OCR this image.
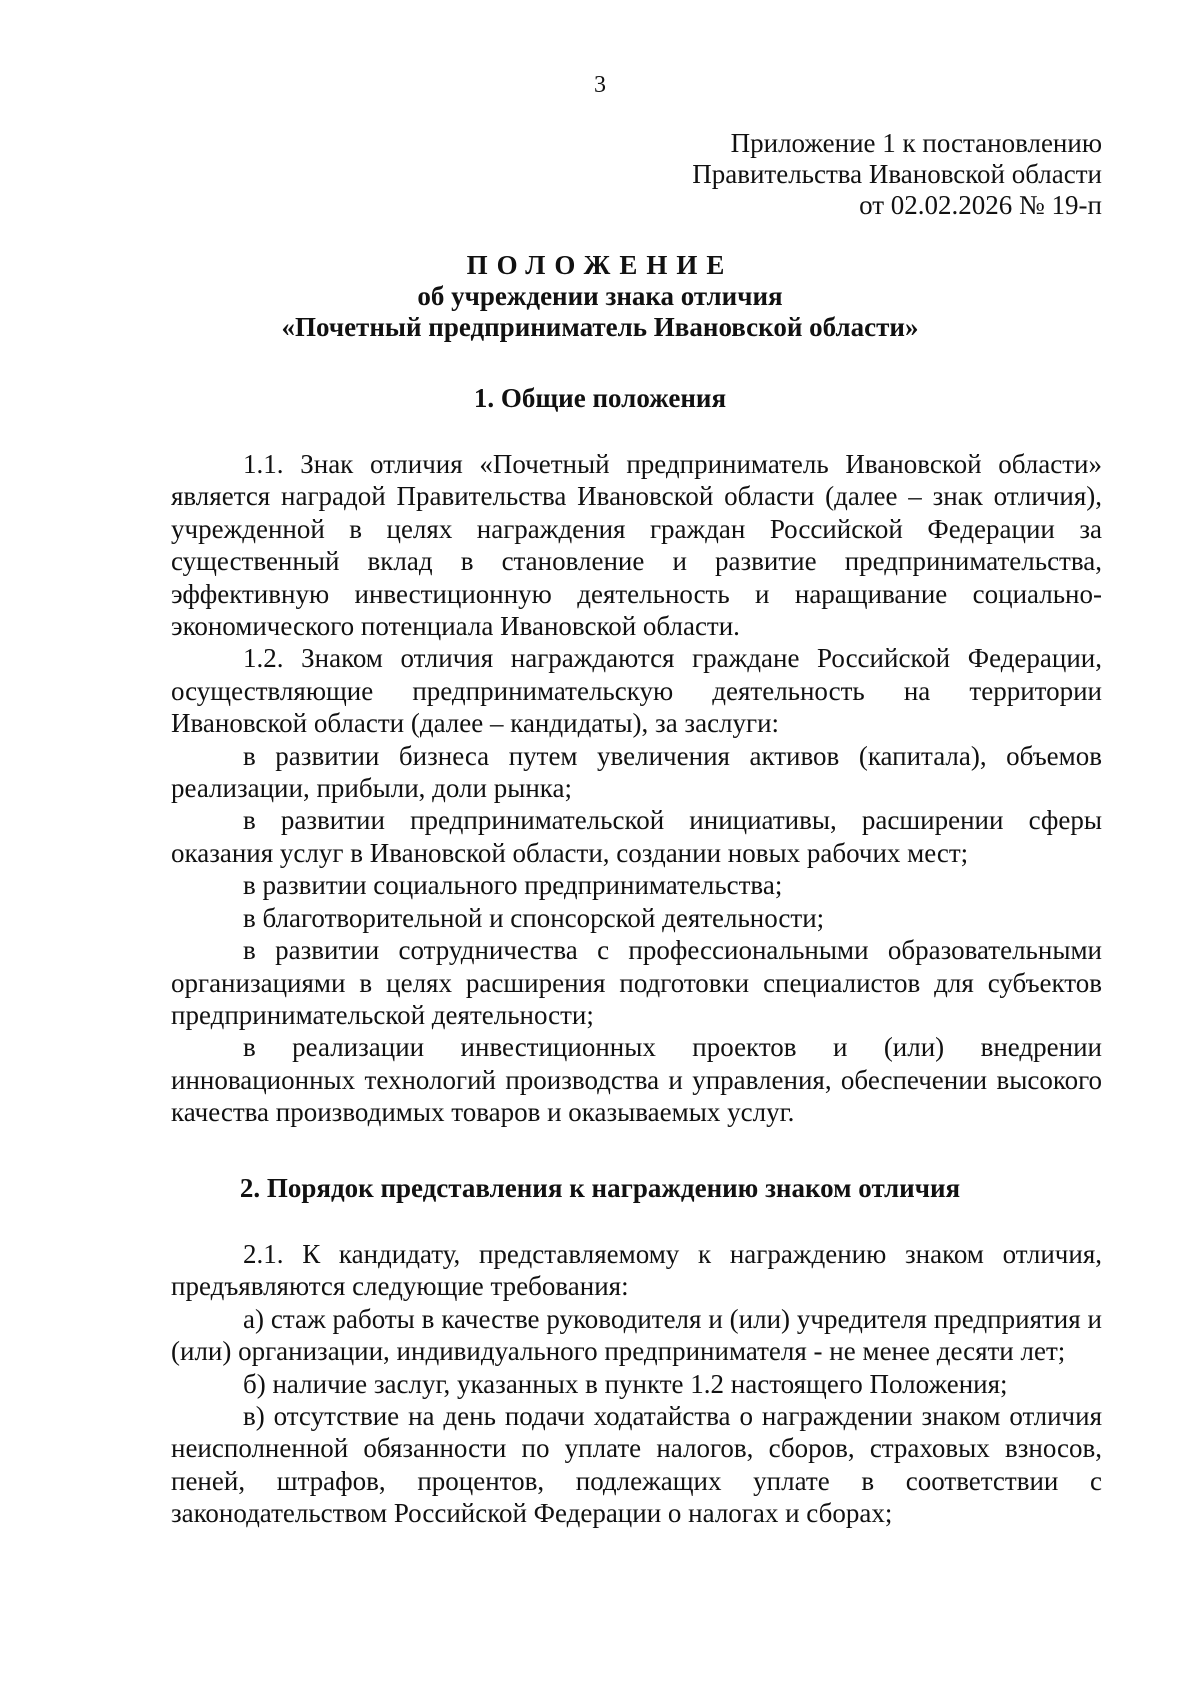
3
Приложение 1 к постановлению
Правительства Ивановской области
от 02.02.2026 № 19-п
ПОЛОЖЕНИЕ
об учреждении знака отличия
«Почетный предприниматель Ивановской области»
1. Общие положения

1.1. Знак отличия «Почетный предприниматель Ивановской области» является наградой Правительства Ивановской области (далее – знак отличия), учрежденной в целях награждения граждан Российской Федерации за существенный вклад в становление и развитие предпринимательства, эффективную инвестиционную деятельность и наращивание социально-экономического потенциала Ивановской области.

1.2. Знаком отличия награждаются граждане Российской Федерации, осуществляющие предпринимательскую деятельность на территории Ивановской области (далее – кандидаты), за заслуги:

в развитии бизнеса путем увеличения активов (капитала), объемов реализации, прибыли, доли рынка;

в развитии предпринимательской инициативы, расширении сферы оказания услуг в Ивановской области, создании новых рабочих мест;

в развитии социального предпринимательства;

в благотворительной и спонсорской деятельности;

в развитии сотрудничества с профессиональными образовательными организациями в целях расширения подготовки специалистов для субъектов предпринимательской деятельности;

в реализации инвестиционных проектов и (или) внедрении инновационных технологий производства и управления, обеспечении высокого качества производимых товаров и оказываемых услуг.

2. Порядок представления к награждению знаком отличия

2.1. К кандидату, представляемому к награждению знаком отличия, предъявляются следующие требования:

а) стаж работы в качестве руководителя и (или) учредителя предприятия и (или) организации, индивидуального предпринимателя - не менее десяти лет;

б) наличие заслуг, указанных в пункте 1.2 настоящего Положения;

в) отсутствие на день подачи ходатайства о награждении знаком отличия неисполненной обязанности по уплате налогов, сборов, страховых взносов, пеней, штрафов, процентов, подлежащих уплате в соответствии с законодательством Российской Федерации о налогах и сборах;
